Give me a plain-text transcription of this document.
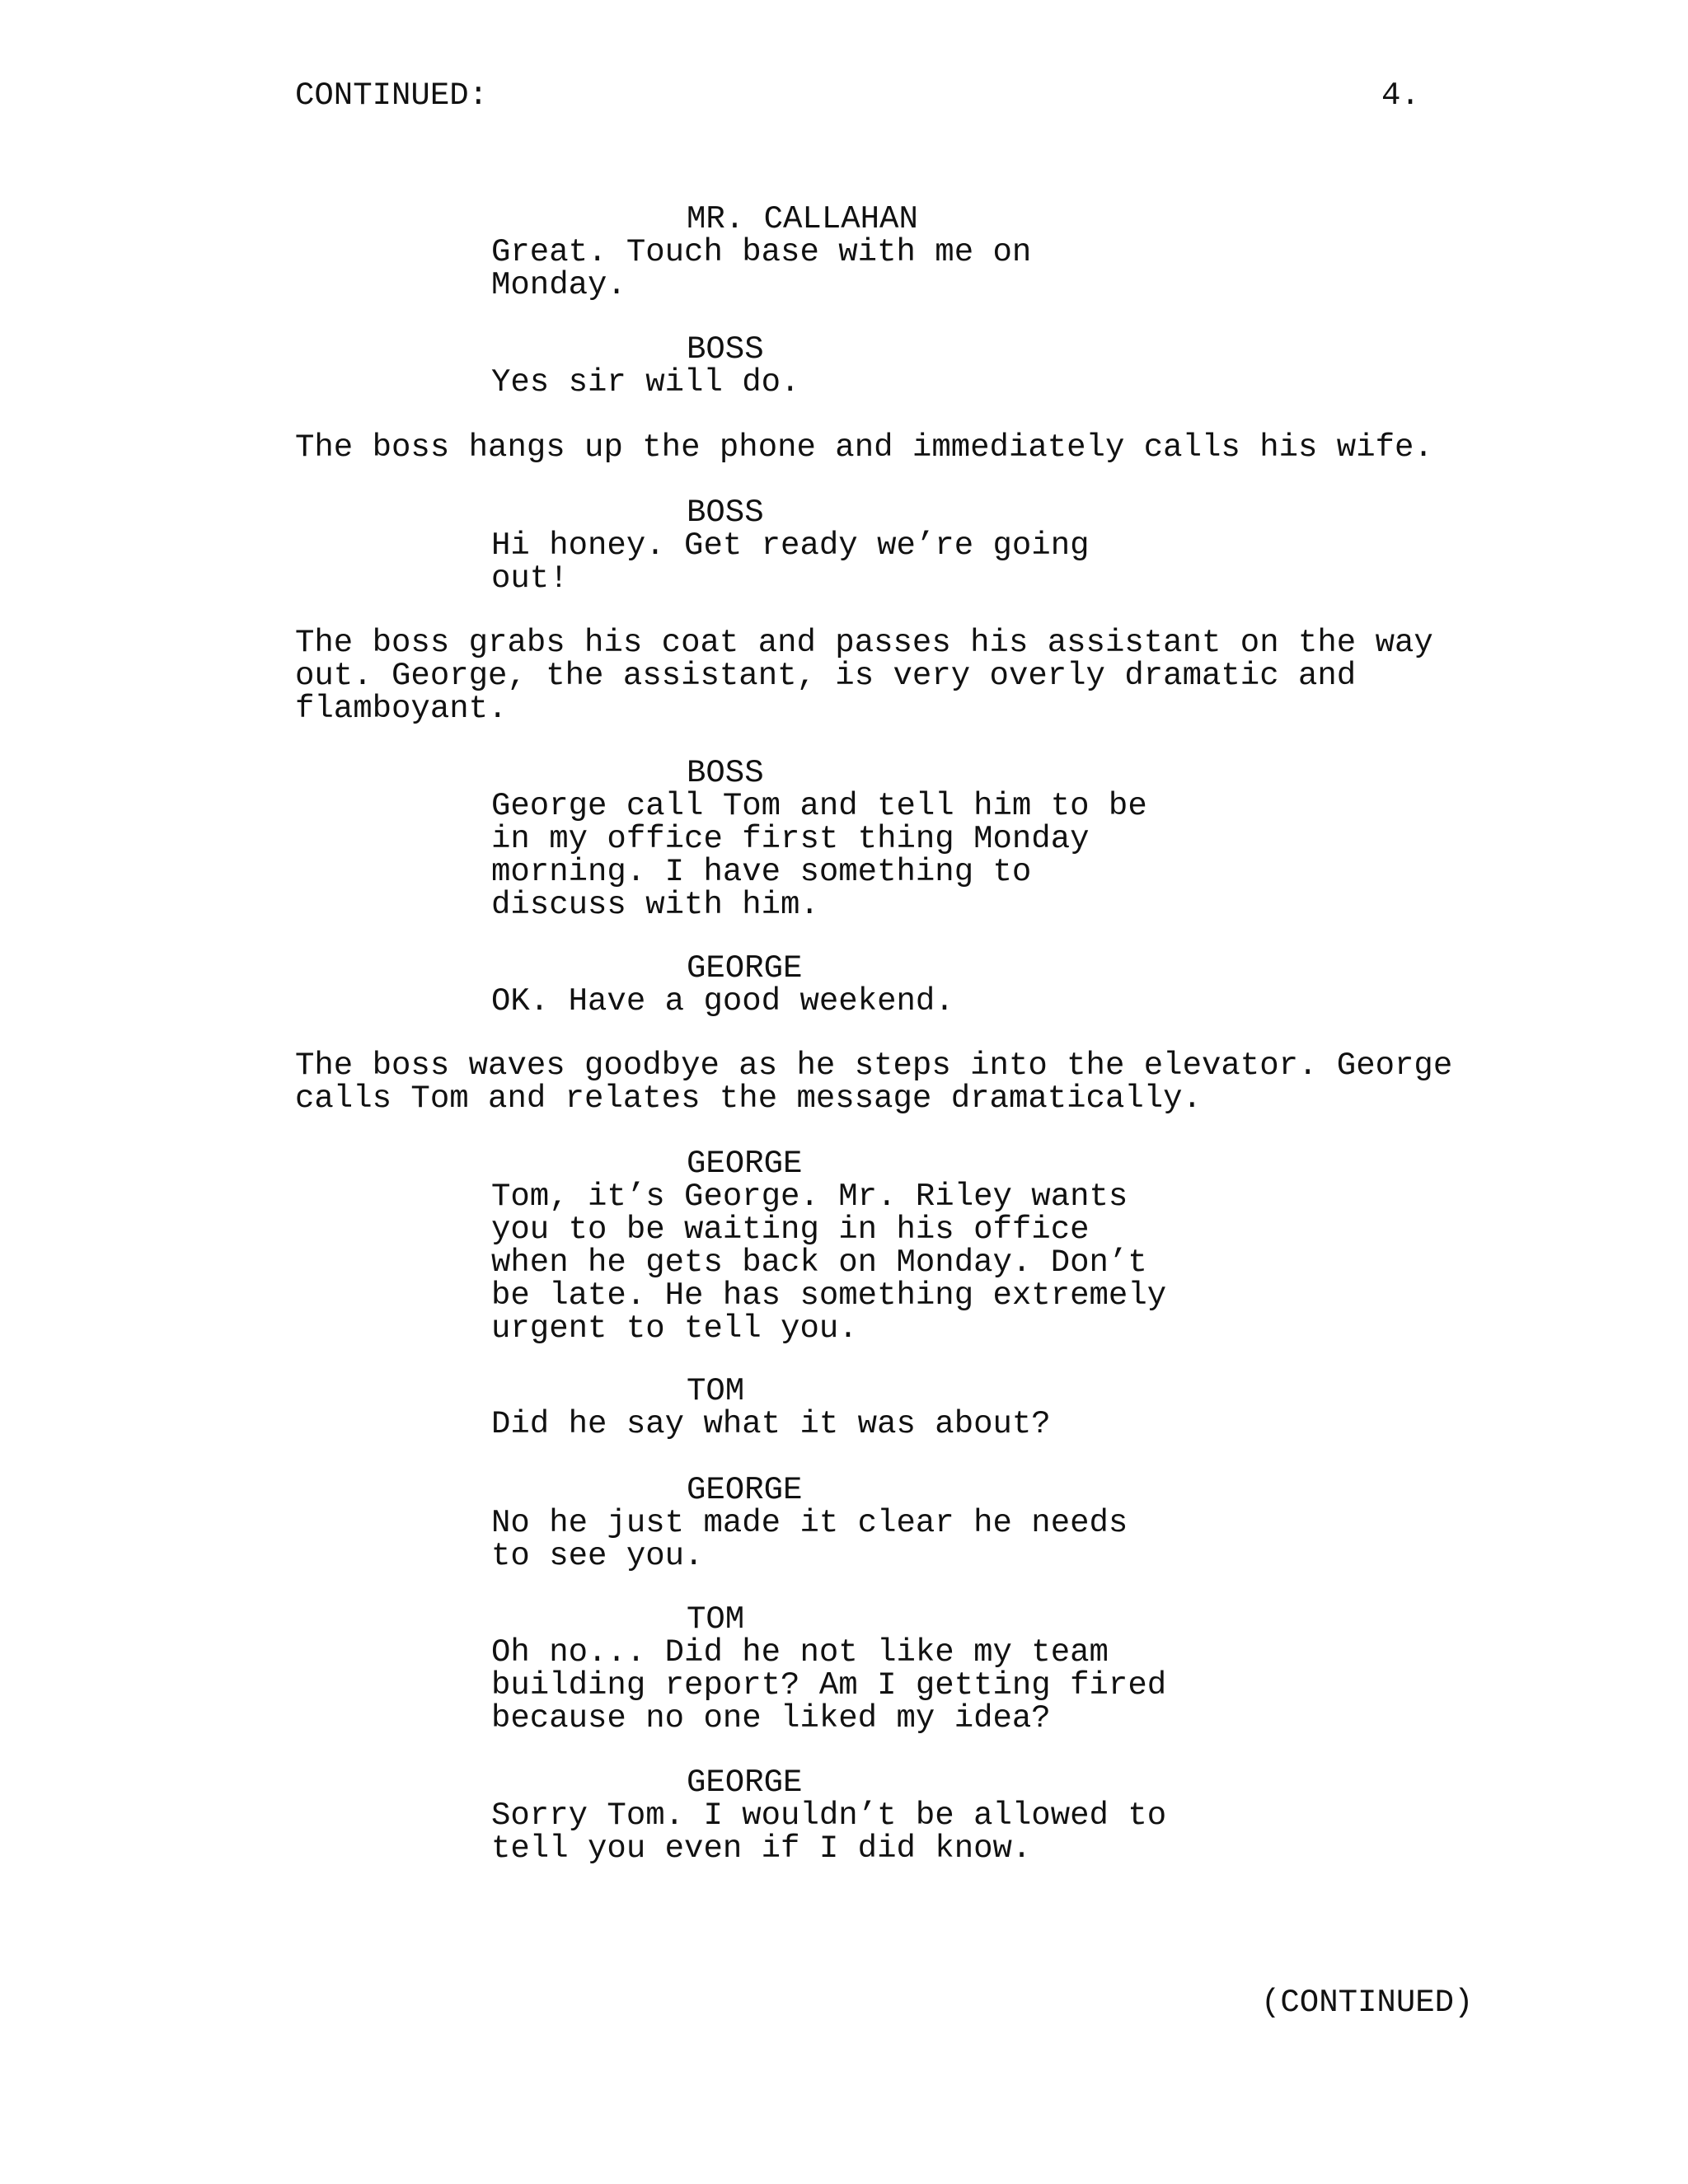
CONTINUED:	4.
MR. CALLAHAN
Great. Touch base with me on
Monday.
BOSS
Yes sir will do.
The boss hangs up the phone and immediately calls his wife.
BOSS
Hi honey. Get ready we’re going
out!
The boss grabs his coat and passes his assistant on the way
out. George, the assistant, is very overly dramatic and
flamboyant.
BOSS
George call Tom and tell him to be
in my office first thing Monday
morning. I have something to
discuss with him.
GEORGE
OK. Have a good weekend.
The boss waves goodbye as he steps into the elevator. George
calls Tom and relates the message dramatically.
GEORGE
Tom, it’s George. Mr. Riley wants
you to be waiting in his office
when he gets back on Monday. Don’t
be late. He has something extremely
urgent to tell you.
TOM
Did he say what it was about?
GEORGE
No he just made it clear he needs
to see you.
TOM
Oh no... Did he not like my team
building report? Am I getting fired
because no one liked my idea?
GEORGE
Sorry Tom. I wouldn’t be allowed to
tell you even if I did know.
(CONTINUED)
